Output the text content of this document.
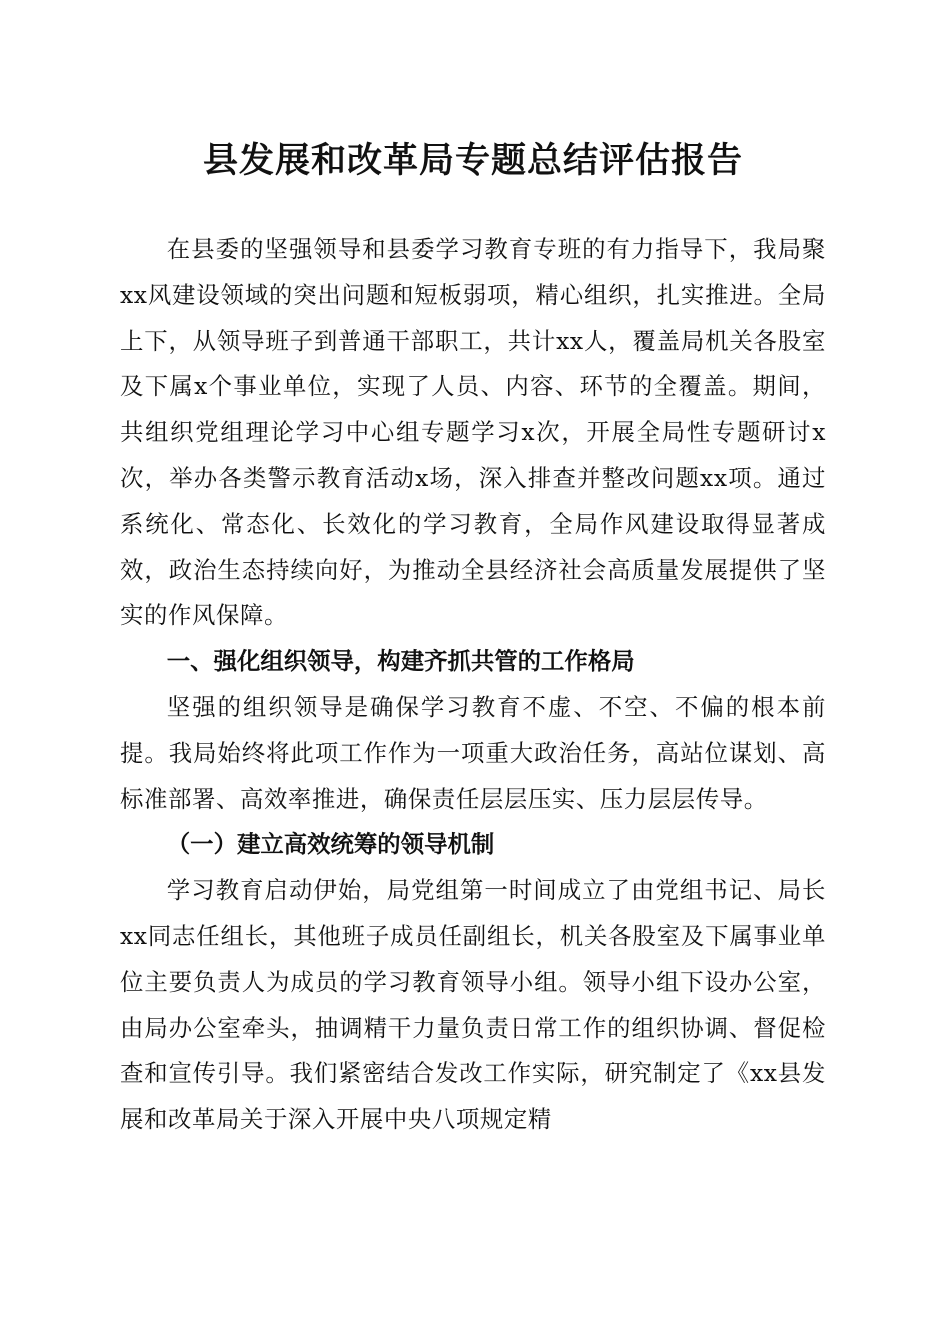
县发展和改革局专题总结评估报告

在县委的坚强领导和县委学习教育专班的有力指导下，我局聚xx风建设领域的突出问题和短板弱项，精心组织，扎实推进。全局上下，从领导班子到普通干部职工，共计xx人，覆盖局机关各股室及下属x个事业单位，实现了人员、内容、环节的全覆盖。期间，共组织党组理论学习中心组专题学习x次，开展全局性专题研讨x次，举办各类警示教育活动x场，深入排查并整改问题xx项。通过系统化、常态化、长效化的学习教育，全局作风建设取得显著成效，政治生态持续向好，为推动全县经济社会高质量发展提供了坚实的作风保障。

一、强化组织领导，构建齐抓共管的工作格局

坚强的组织领导是确保学习教育不虚、不空、不偏的根本前提。我局始终将此项工作作为一项重大政治任务，高站位谋划、高标准部署、高效率推进，确保责任层层压实、压力层层传导。

（一）建立高效统筹的领导机制

学习教育启动伊始，局党组第一时间成立了由党组书记、局长xx同志任组长，其他班子成员任副组长，机关各股室及下属事业单位主要负责人为成员的学习教育领导小组。领导小组下设办公室，由局办公室牵头，抽调精干力量负责日常工作的组织协调、督促检查和宣传引导。我们紧密结合发改工作实际，研究制定了《xx县发展和改革局关于深入开展中央八项规定精
